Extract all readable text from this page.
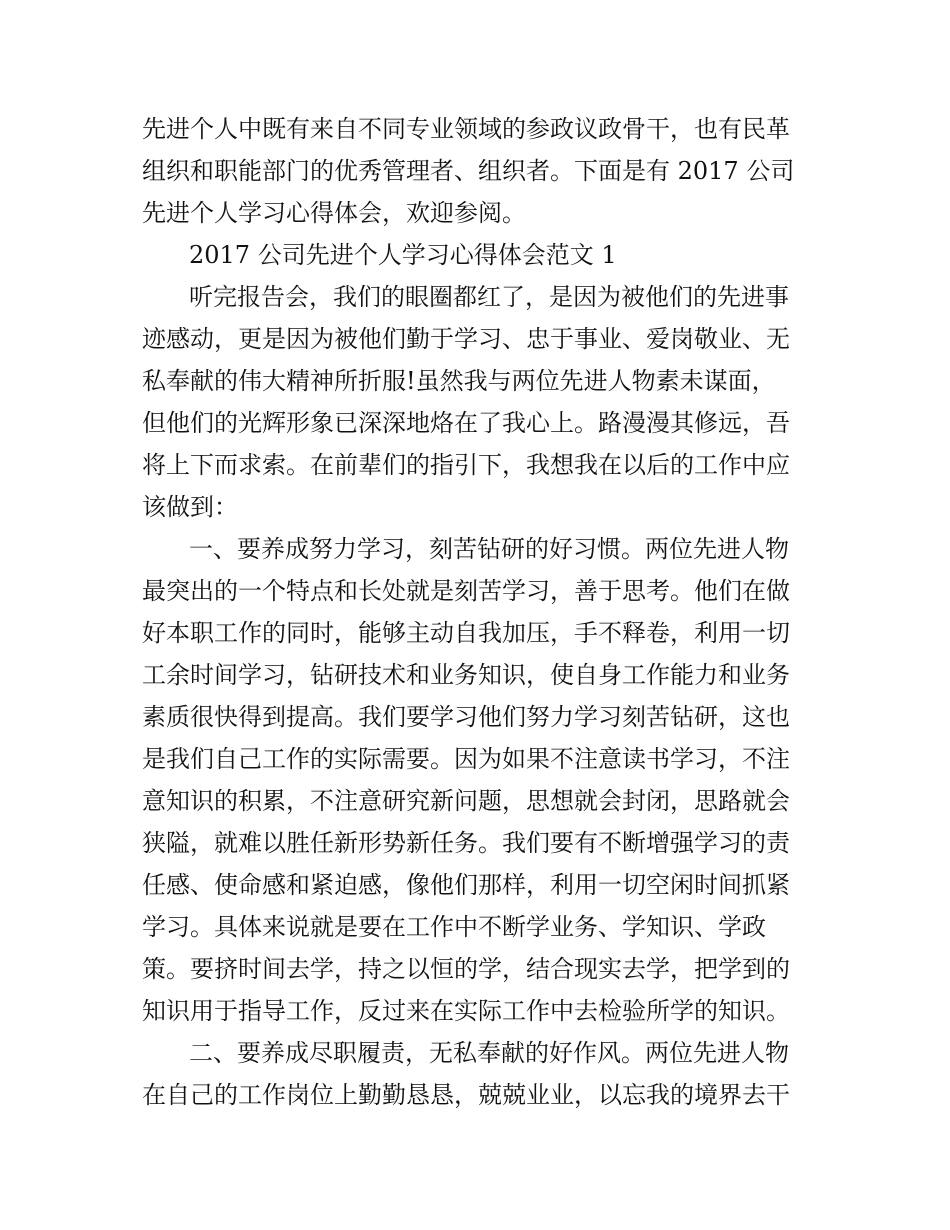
先进个人中既有来自不同专业领域的参政议政骨干，也有民革
组织和职能部门的优秀管理者、组织者。下面是有 2017 公司
先进个人学习心得体会，欢迎参阅。
2017 公司先进个人学习心得体会范文 1
听完报告会，我们的眼圈都红了，是因为被他们的先进事
迹感动，更是因为被他们勤于学习、忠于事业、爱岗敬业、无
私奉献的伟大精神所折服!虽然我与两位先进人物素未谋面，
但他们的光辉形象已深深地烙在了我心上。路漫漫其修远，吾
将上下而求索。在前辈们的指引下，我想我在以后的工作中应
该做到：
一、要养成努力学习，刻苦钻研的好习惯。两位先进人物
最突出的一个特点和长处就是刻苦学习，善于思考。他们在做
好本职工作的同时，能够主动自我加压，手不释卷，利用一切
工余时间学习，钻研技术和业务知识，使自身工作能力和业务
素质很快得到提高。我们要学习他们努力学习刻苦钻研，这也
是我们自己工作的实际需要。因为如果不注意读书学习，不注
意知识的积累，不注意研究新问题，思想就会封闭，思路就会
狭隘，就难以胜任新形势新任务。我们要有不断增强学习的责
任感、使命感和紧迫感，像他们那样，利用一切空闲时间抓紧
学习。具体来说就是要在工作中不断学业务、学知识、学政
策。要挤时间去学，持之以恒的学，结合现实去学，把学到的
知识用于指导工作，反过来在实际工作中去检验所学的知识。
二、要养成尽职履责，无私奉献的好作风。两位先进人物
在自己的工作岗位上勤勤恳恳，兢兢业业，以忘我的境界去干
